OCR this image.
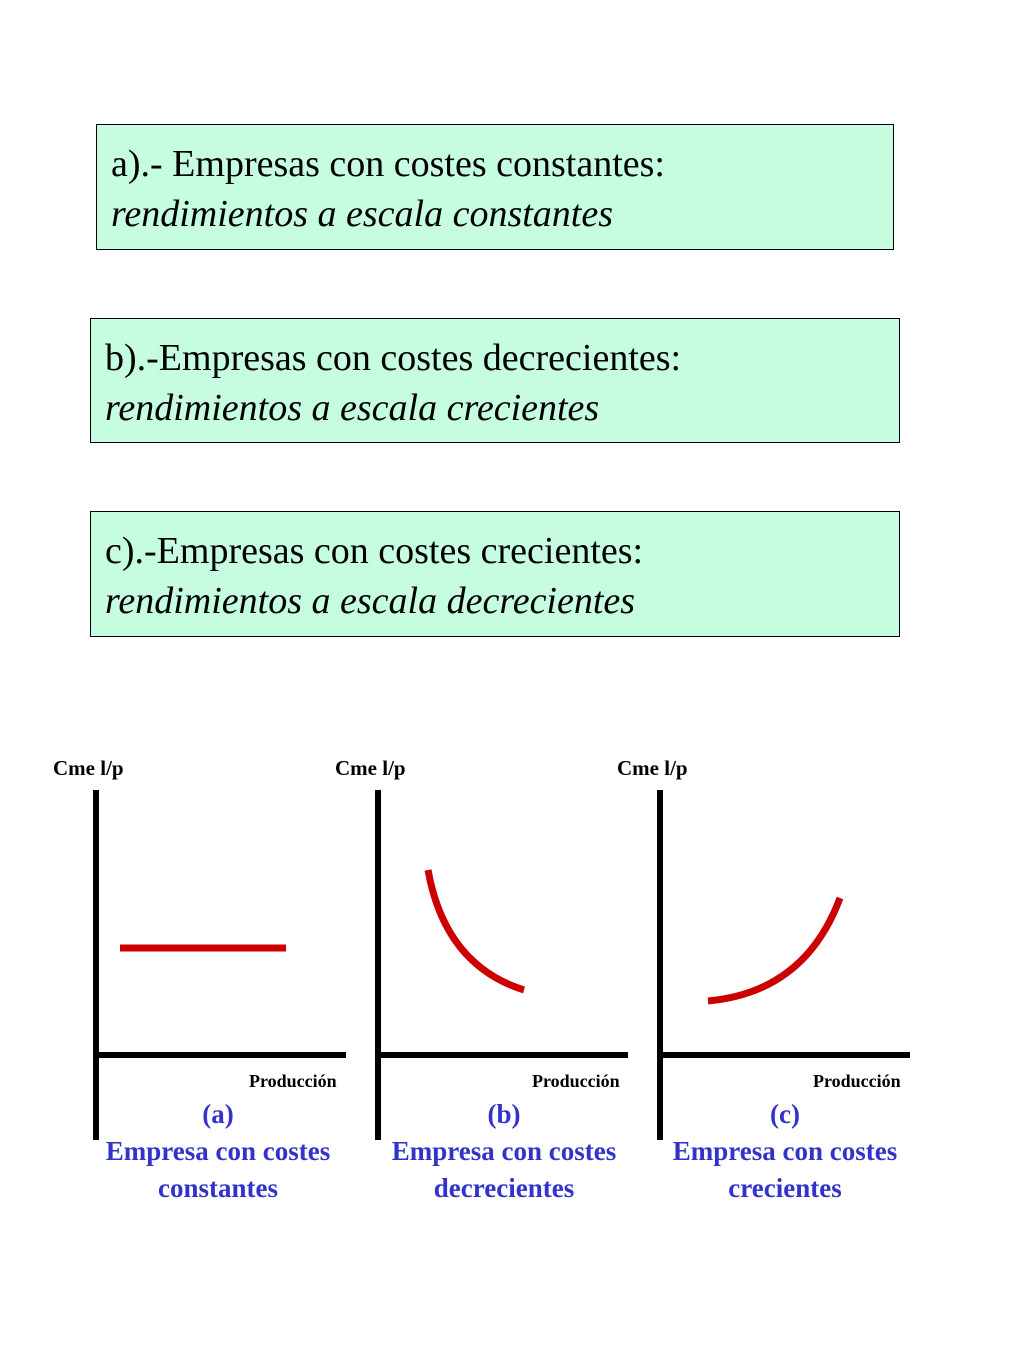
a).- Empresas con costes constantes:
rendimientos a escala constantes
b).-Empresas con costes decrecientes:
rendimientos a escala crecientes
c).-Empresas con costes crecientes:
rendimientos a escala decrecientes
Cme l/p
Producción
(a)
Empresa con costes
constantes
Cme l/p
Producción
(b)
Empresa con costes
decrecientes
Cme l/p
Producción
(c)
Empresa con costes
crecientes
